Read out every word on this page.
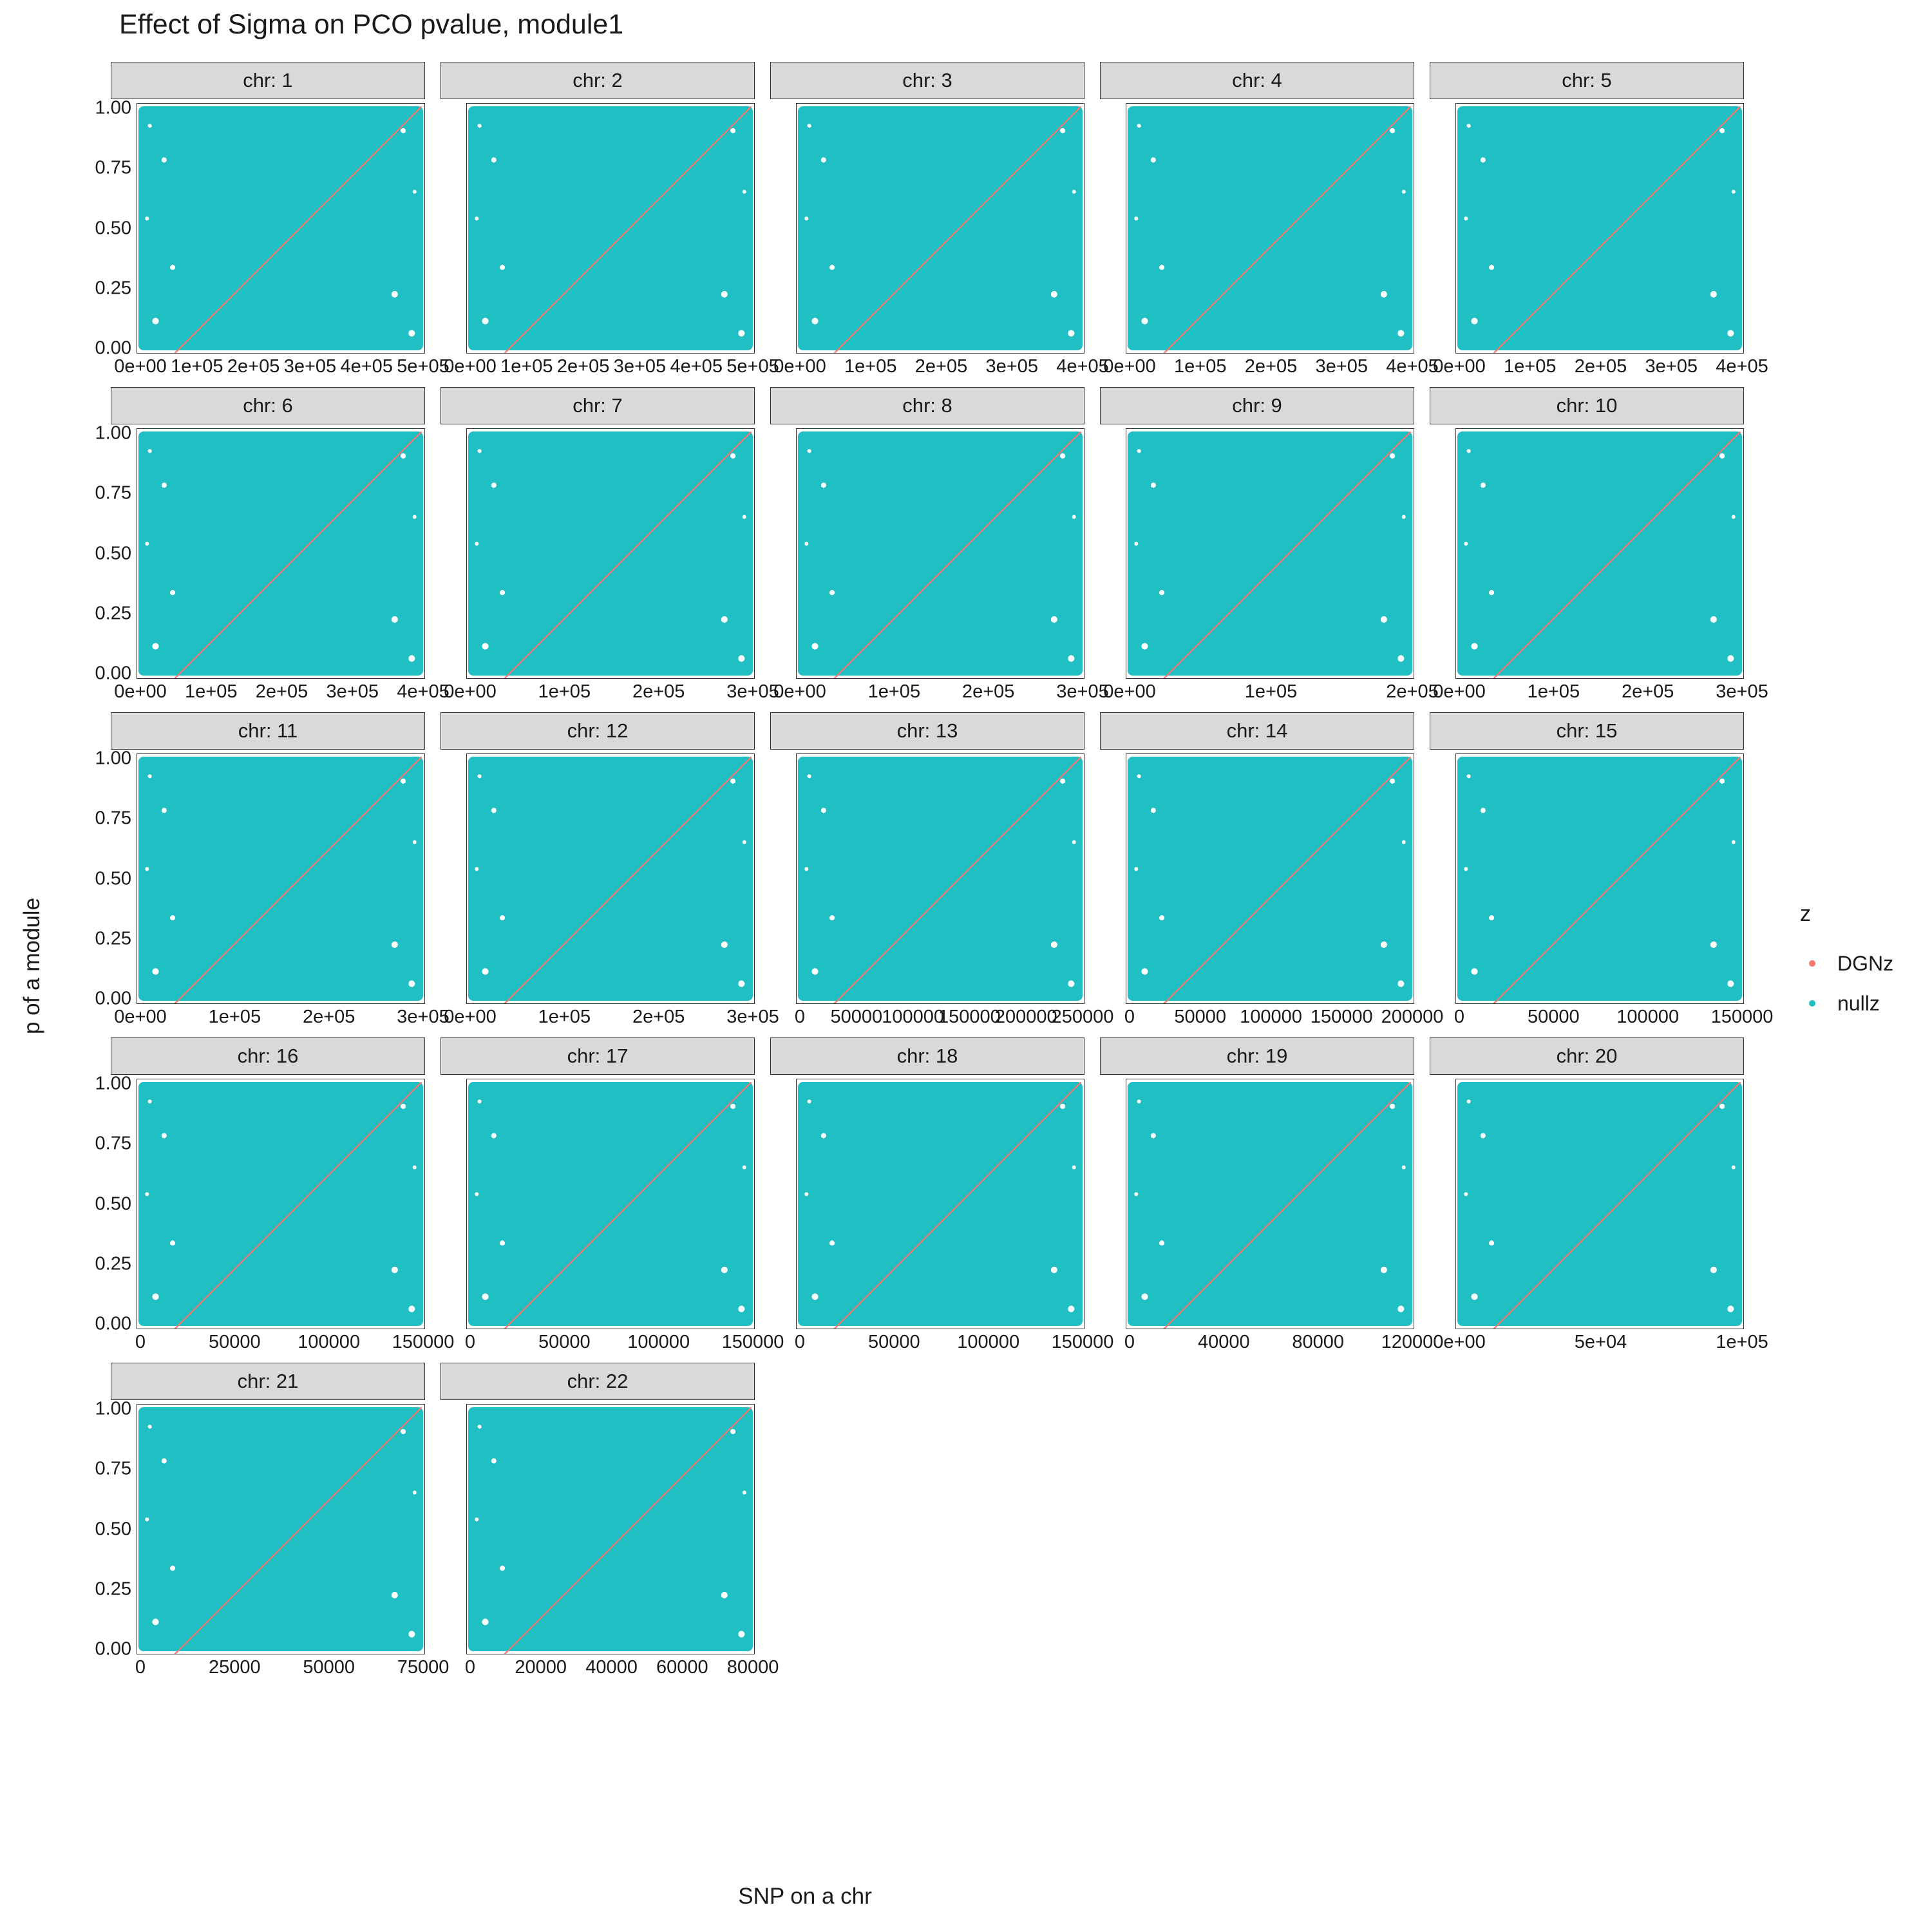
Effect of Sigma on PCO pvalue, module1
p of a module
SNP on a chr
chr: 1
0.00
0.25
0.50
0.75
1.00
0e+00 1e+05 2e+05 3e+05 4e+05 5e+05
chr: 2
0e+00 1e+05 2e+05 3e+05 4e+05 5e+05
chr: 3
0e+00 1e+05 2e+05 3e+05 4e+05
chr: 4
0e+00 1e+05 2e+05 3e+05 4e+05
chr: 5
0e+00 1e+05 2e+05 3e+05 4e+05
chr: 6
0.00
0.25
0.50
0.75
1.00
0e+00 1e+05 2e+05 3e+05 4e+05
chr: 7
0e+00 1e+05 2e+05 3e+05
chr: 8
0e+00 1e+05 2e+05 3e+05
chr: 9
0e+00	1e+05	2e+05
chr: 10
0e+00 1e+05 2e+05 3e+05
chr: 11
0.00
0.25
0.50
0.75
1.00
0e+00 1e+05 2e+05 3e+05
chr: 12
0e+00 1e+05 2e+05 3e+05
chr: 13
0 50000 100000
150000
200000
250000
chr: 14
0 50000 100000 150000 200000
chr: 15
0	50000 100000 150000
chr: 16
0.00
0.25
0.50
0.75
1.00
0	50000 100000 150000
chr: 17
0	50000 100000 150000
chr: 18
0	50000 100000 150000
chr: 19
0	40000 80000 120000
chr: 20
0e+00	5e+04	1e+05
chr: 21
0.00
0.25
0.50
0.75
1.00
0	25000 50000 75000
chr: 22
0 20000 40000 60000 80000
z
DGNz
nullz
